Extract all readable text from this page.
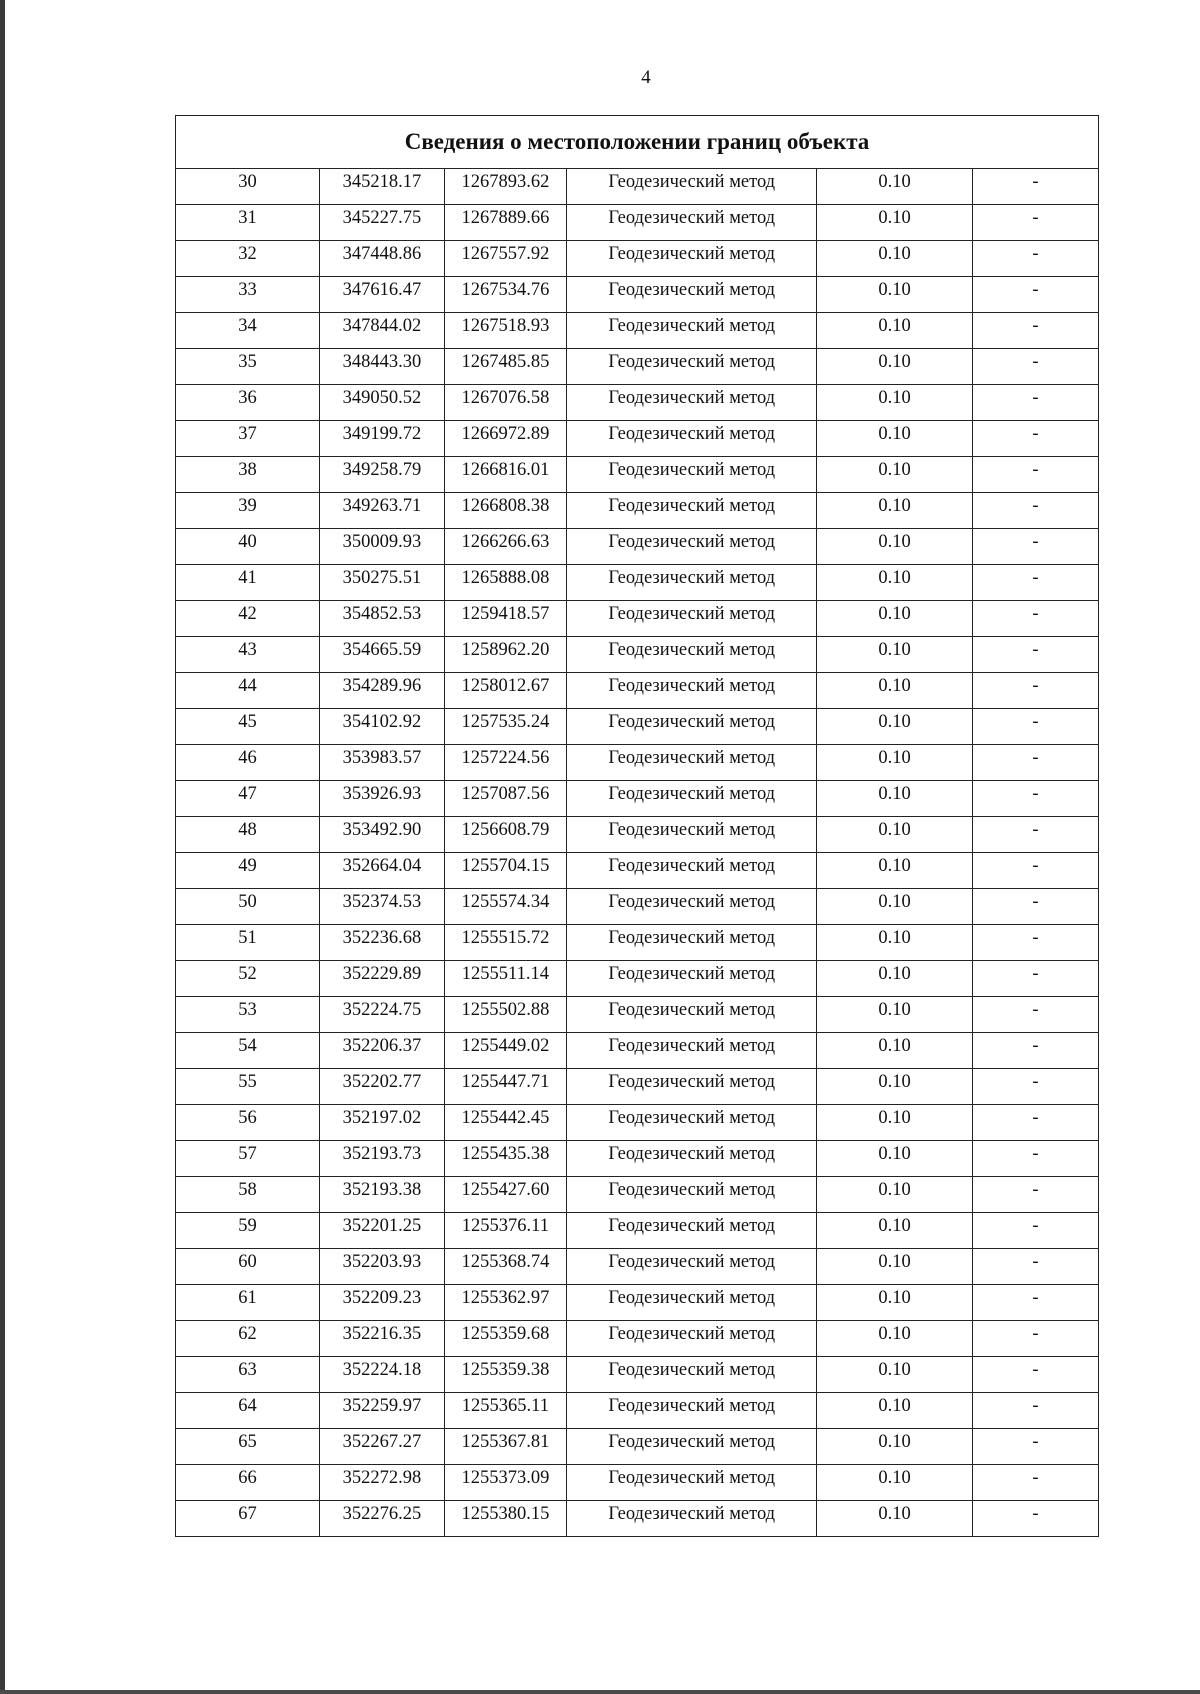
4
Сведения о местоположении границ объекта
30	345218.17	1267893.62	Геодезический метод	0.10	-
31	345227.75	1267889.66	Геодезический метод	0.10	-
32	347448.86	1267557.92	Геодезический метод	0.10	-
33	347616.47	1267534.76	Геодезический метод	0.10	-
34	347844.02	1267518.93	Геодезический метод	0.10	-
35	348443.30	1267485.85	Геодезический метод	0.10	-
36	349050.52	1267076.58	Геодезический метод	0.10	-
37	349199.72	1266972.89	Геодезический метод	0.10	-
38	349258.79	1266816.01	Геодезический метод	0.10	-
39	349263.71	1266808.38	Геодезический метод	0.10	-
40	350009.93	1266266.63	Геодезический метод	0.10	-
41	350275.51	1265888.08	Геодезический метод	0.10	-
42	354852.53	1259418.57	Геодезический метод	0.10	-
43	354665.59	1258962.20	Геодезический метод	0.10	-
44	354289.96	1258012.67	Геодезический метод	0.10	-
45	354102.92	1257535.24	Геодезический метод	0.10	-
46	353983.57	1257224.56	Геодезический метод	0.10	-
47	353926.93	1257087.56	Геодезический метод	0.10	-
48	353492.90	1256608.79	Геодезический метод	0.10	-
49	352664.04	1255704.15	Геодезический метод	0.10	-
50	352374.53	1255574.34	Геодезический метод	0.10	-
51	352236.68	1255515.72	Геодезический метод	0.10	-
52	352229.89	1255511.14	Геодезический метод	0.10	-
53	352224.75	1255502.88	Геодезический метод	0.10	-
54	352206.37	1255449.02	Геодезический метод	0.10	-
55	352202.77	1255447.71	Геодезический метод	0.10	-
56	352197.02	1255442.45	Геодезический метод	0.10	-
57	352193.73	1255435.38	Геодезический метод	0.10	-
58	352193.38	1255427.60	Геодезический метод	0.10	-
59	352201.25	1255376.11	Геодезический метод	0.10	-
60	352203.93	1255368.74	Геодезический метод	0.10	-
61	352209.23	1255362.97	Геодезический метод	0.10	-
62	352216.35	1255359.68	Геодезический метод	0.10	-
63	352224.18	1255359.38	Геодезический метод	0.10	-
64	352259.97	1255365.11	Геодезический метод	0.10	-
65	352267.27	1255367.81	Геодезический метод	0.10	-
66	352272.98	1255373.09	Геодезический метод	0.10	-
67	352276.25	1255380.15	Геодезический метод	0.10	-
